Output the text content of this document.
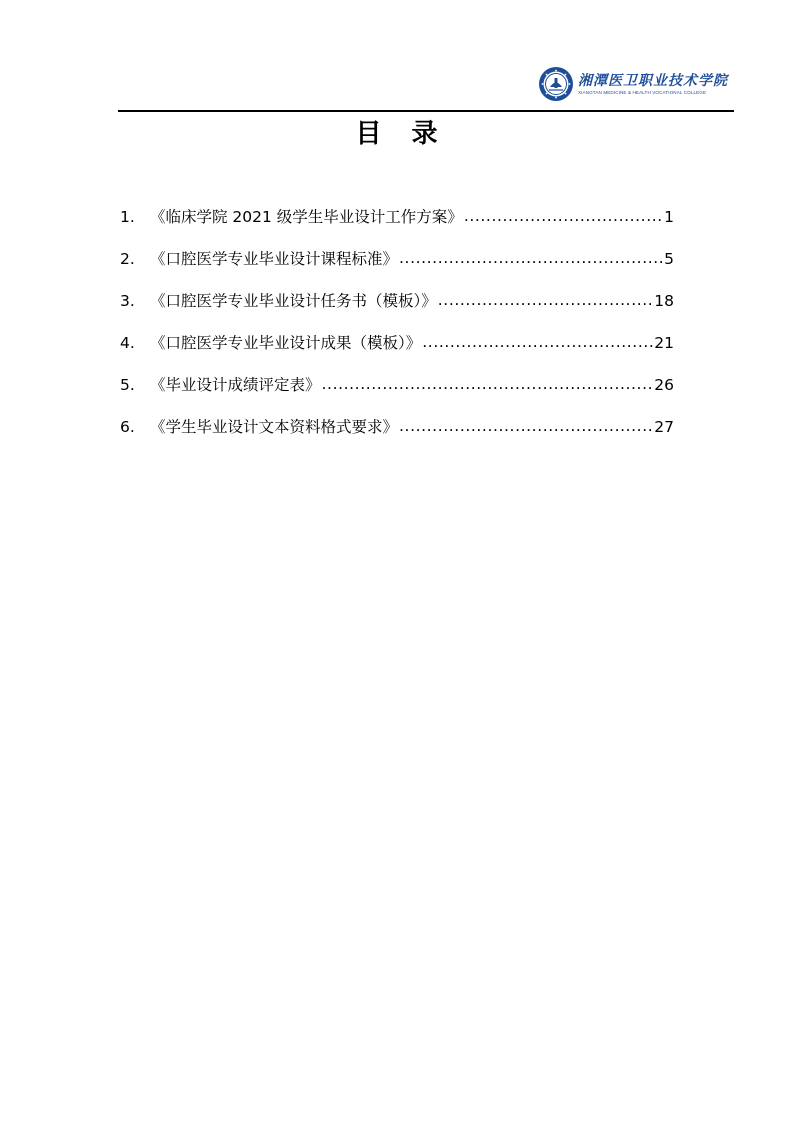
湘潭医卫职业技术学院
XIANGTAN MEDICINE & HEALTH VOCATIONAL COLLEGE
目录
1. 《临床学院 2021 级学生毕业设计工作方案》 .....	1
2. 《口腔医学专业毕业设计课程标准》 .....	5
3. 《口腔医学专业毕业设计任务书（模板）》 .....	18
4. 《口腔医学专业毕业设计成果（模板）》 .....	21
5. 《毕业设计成绩评定表》 .....	26
6. 《学生毕业设计文本资料格式要求》 .....	27
